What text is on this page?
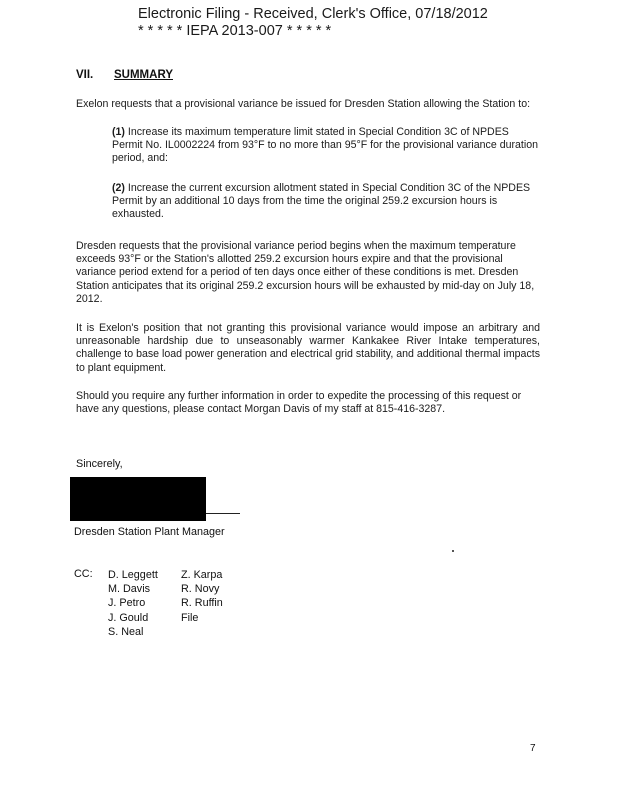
Electronic Filing - Received, Clerk's Office, 07/18/2012
* * * * * IEPA 2013-007 * * * * *
VII. SUMMARY
Exelon requests that a provisional variance be issued for Dresden Station allowing the Station to:
(1) Increase its maximum temperature limit stated in Special Condition 3C of NPDES Permit No. IL0002224 from 93°F to no more than 95°F for the provisional variance duration period, and:
(2) Increase the current excursion allotment stated in Special Condition 3C of the NPDES Permit by an additional 10 days from the time the original 259.2 excursion hours is exhausted.
Dresden requests that the provisional variance period begins when the maximum temperature exceeds 93°F or the Station's allotted 259.2 excursion hours expire and that the provisional variance period extend for a period of ten days once either of these conditions is met. Dresden Station anticipates that its original 259.2 excursion hours will be exhausted by mid-day on July 18, 2012.
It is Exelon's position that not granting this provisional variance would impose an arbitrary and unreasonable hardship due to unseasonably warmer Kankakee River Intake temperatures, challenge to base load power generation and electrical grid stability, and additional thermal impacts to plant equipment.
Should you require any further information in order to expedite the processing of this request or have any questions, please contact Morgan Davis of my staff at 815-416-3287.
Sincerely,
Dresden Station Plant Manager
CC: D. Leggett
M. Davis
J. Petro
J. Gould
S. Neal
Z. Karpa
R. Novy
R. Ruffin
File
7
